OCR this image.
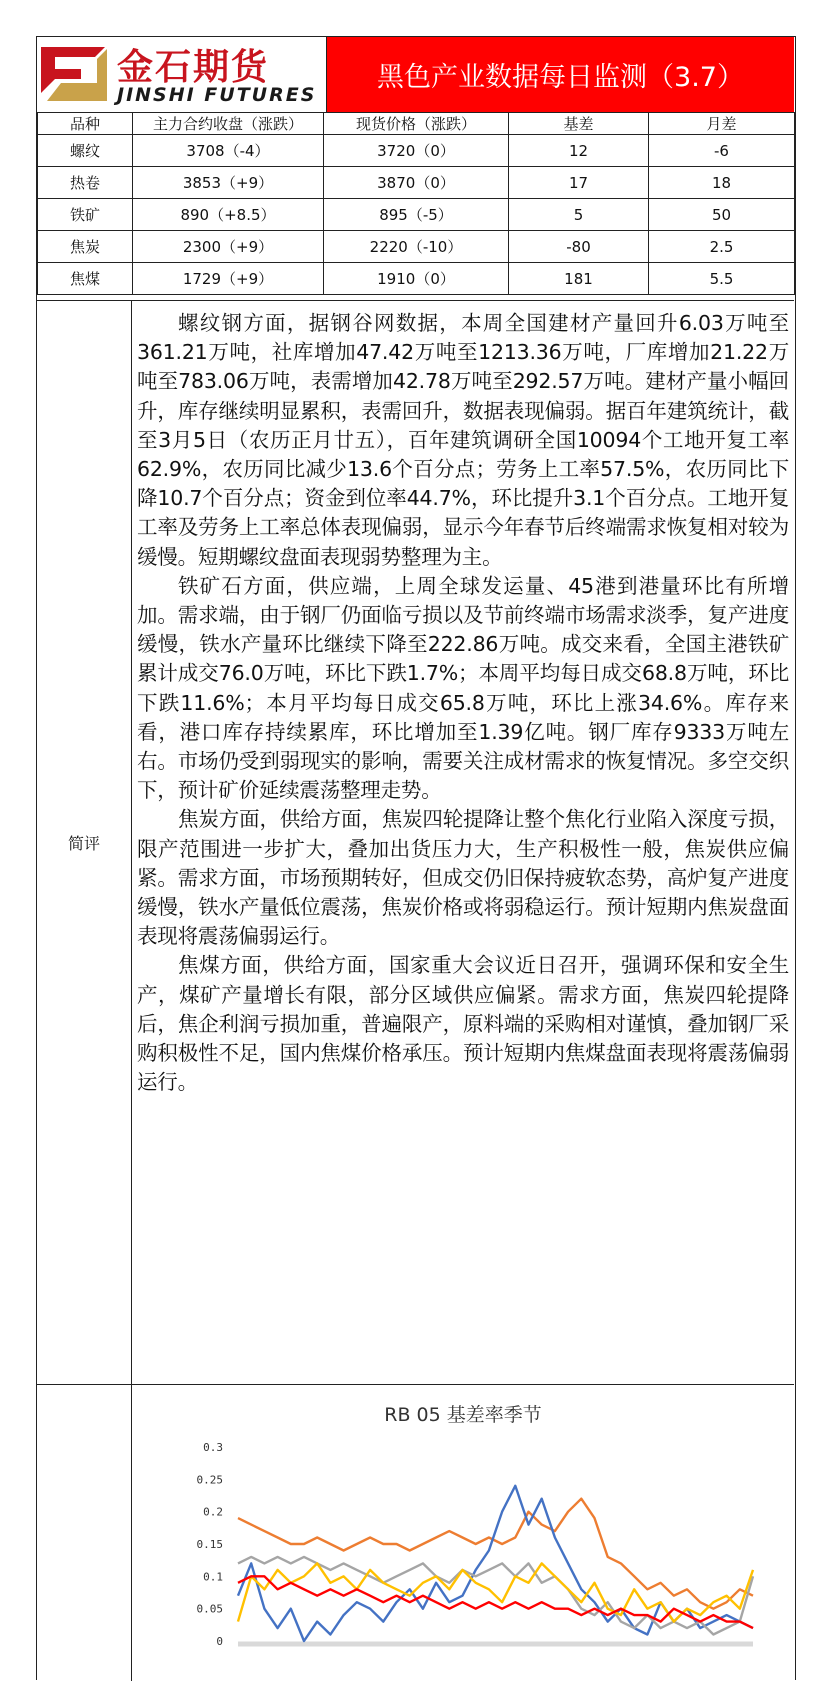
金石期货
JINSHI FUTURES
黑色产业数据每日监测（3.7）
品种	主力合约收盘（涨跌）	现货价格（涨跌）	基差	月差
螺纹	3708（-4）	3720（0）	12	-6
热卷	3853（+9）	3870（0）	17	18
铁矿	890（+8.5）	895（-5）	5	50
焦炭	2300（+9）	2220（-10）	-80	2.5
焦煤	1729（+9）	1910（0）	181	5.5
简评

螺纹钢方面，据钢谷网数据，本周全国建材产量回升6.03万吨至361.21万吨，社库增加47.42万吨至1213.36万吨，厂库增加21.22万吨至783.06万吨，表需增加42.78万吨至292.57万吨。建材产量小幅回升，库存继续明显累积，表需回升，数据表现偏弱。据百年建筑统计，截至3月5日（农历正月廿五），百年建筑调研全国10094个工地开复工率62.9%，农历同比减少13.6个百分点；劳务上工率57.5%，农历同比下降10.7个百分点；资金到位率44.7%，环比提升3.1个百分点。工地开复工率及劳务上工率总体表现偏弱，显示今年春节后终端需求恢复相对较为缓慢。短期螺纹盘面表现弱势整理为主。

铁矿石方面，供应端，上周全球发运量、45港到港量环比有所增加。需求端，由于钢厂仍面临亏损以及节前终端市场需求淡季，复产进度缓慢，铁水产量环比继续下降至222.86万吨。成交来看，全国主港铁矿累计成交76.0万吨，环比下跌1.7%；本周平均每日成交68.8万吨，环比下跌11.6%；本月平均每日成交65.8万吨，环比上涨34.6%。库存来看，港口库存持续累库，环比增加至1.39亿吨。钢厂库存9333万吨左右。市场仍受到弱现实的影响，需要关注成材需求的恢复情况。多空交织下，预计矿价延续震荡整理走势。

焦炭方面，供给方面，焦炭四轮提降让整个焦化行业陷入深度亏损，限产范围进一步扩大，叠加出货压力大，生产积极性一般，焦炭供应偏紧。需求方面，市场预期转好，但成交仍旧保持疲软态势，高炉复产进度缓慢，铁水产量低位震荡，焦炭价格或将弱稳运行。预计短期内焦炭盘面表现将震荡偏弱运行。

焦煤方面，供给方面，国家重大会议近日召开，强调环保和安全生产，煤矿产量增长有限，部分区域供应偏紧。需求方面，焦炭四轮提降后，焦企利润亏损加重，普遍限产，原料端的采购相对谨慎，叠加钢厂采购积极性不足，国内焦煤价格承压。预计短期内焦煤盘面表现将震荡偏弱运行。

RB 05 基差率季节
0.3
0.25
0.2
0.15
0.1
0.05
0
